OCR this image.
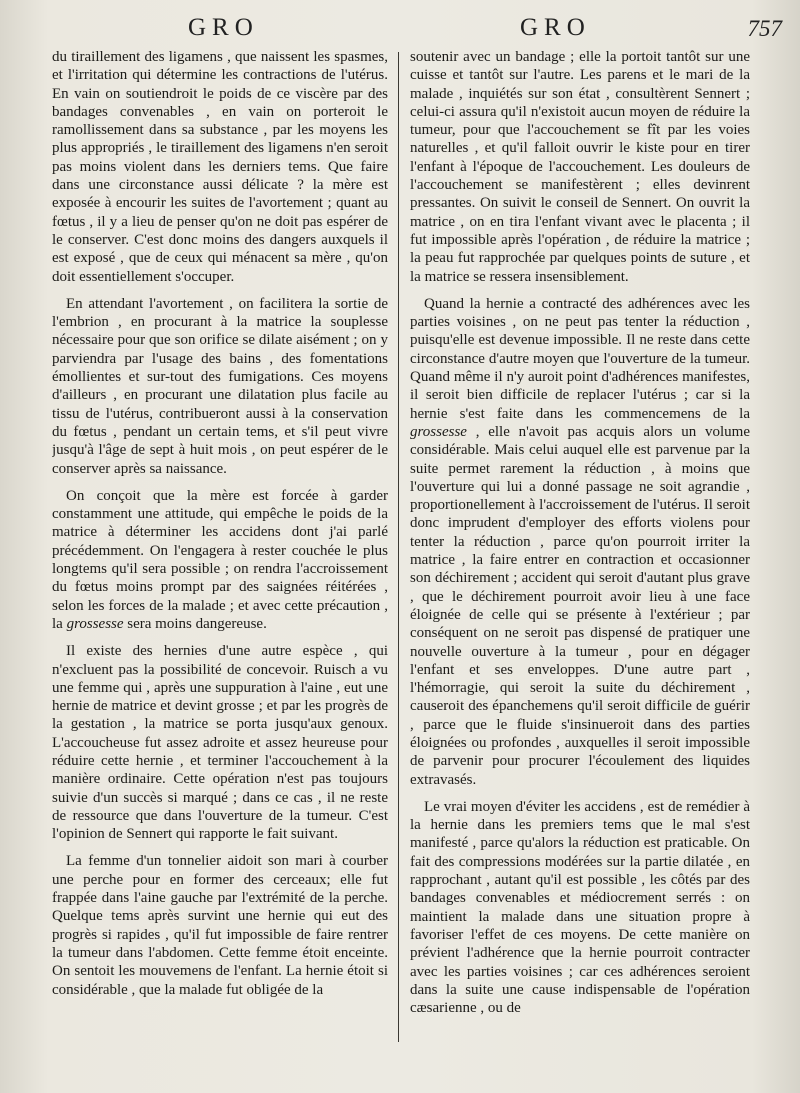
GRO	GRO	757

du tiraillement des ligamens , que naissent les spasmes, et l'irritation qui détermine les contractions de l'utérus. En vain on soutiendroit le poids de ce viscère par des bandages convenables , en vain on porteroit le ramollissement dans sa substance , par les moyens les plus appropriés , le tiraillement des ligamens n'en seroit pas moins violent dans les derniers tems. Que faire dans une circonstance aussi délicate ? la mère est exposée à encourir les suites de l'avortement ; quant au fœtus , il y a lieu de penser qu'on ne doit pas espérer de le conserver. C'est donc moins des dangers auxquels il est exposé , que de ceux qui ménacent sa mère , qu'on doit essentiellement s'occuper.

En attendant l'avortement , on facilitera la sortie de l'embrion , en procurant à la matrice la souplesse nécessaire pour que son orifice se dilate aisément ; on y parviendra par l'usage des bains , des fomentations émollientes et sur-tout des fumigations. Ces moyens d'ailleurs , en procurant une dilatation plus facile au tissu de l'utérus, contribueront aussi à la conservation du fœtus , pendant un certain tems, et s'il peut vivre jusqu'à l'âge de sept à huit mois , on peut espérer de le conserver après sa naissance.

On conçoit que la mère est forcée à garder constamment une attitude, qui empêche le poids de la matrice à déterminer les accidens dont j'ai parlé précédemment. On l'engagera à rester couchée le plus longtems qu'il sera possible ; on rendra l'accroissement du fœtus moins prompt par des saignées réitérées , selon les forces de la malade ; et avec cette précaution , la grossesse sera moins dangereuse.

Il existe des hernies d'une autre espèce , qui n'excluent pas la possibilité de concevoir. Ruisch a vu une femme qui , après une suppuration à l'aine , eut une hernie de matrice et devint grosse ; et par les progrès de la gestation , la matrice se porta jusqu'aux genoux. L'accoucheuse fut assez adroite et assez heureuse pour réduire cette hernie , et terminer l'accouchement à la manière ordinaire. Cette opération n'est pas toujours suivie d'un succès si marqué ; dans ce cas , il ne reste de ressource que dans l'ouverture de la tumeur. C'est l'opinion de Sennert qui rapporte le fait suivant.

La femme d'un tonnelier aidoit son mari à courber une perche pour en former des cerceaux; elle fut frappée dans l'aine gauche par l'extrémité de la perche. Quelque tems après survint une hernie qui eut des progrès si rapides , qu'il fut impossible de faire rentrer la tumeur dans l'abdomen. Cette femme étoit enceinte. On sentoit les mouvemens de l'enfant. La hernie étoit si considérable , que la malade fut obligée de la

soutenir avec un bandage ; elle la portoit tantôt sur une cuisse et tantôt sur l'autre. Les parens et le mari de la malade , inquiétés sur son état , consultèrent Sennert ; celui-ci assura qu'il n'existoit aucun moyen de réduire la tumeur, pour que l'accouchement se fît par les voies naturelles , et qu'il falloit ouvrir le kiste pour en tirer l'enfant à l'époque de l'accouchement. Les douleurs de l'accouchement se manifestèrent ; elles devinrent pressantes. On suivit le conseil de Sennert. On ouvrit la matrice , on en tira l'enfant vivant avec le placenta ; il fut impossible après l'opération , de réduire la matrice ; la peau fut rapprochée par quelques points de suture , et la matrice se ressera insensiblement.

Quand la hernie a contracté des adhérences avec les parties voisines , on ne peut pas tenter la réduction , puisqu'elle est devenue impossible. Il ne reste dans cette circonstance d'autre moyen que l'ouverture de la tumeur. Quand même il n'y auroit point d'adhérences manifestes, il seroit bien difficile de replacer l'utérus ; car si la hernie s'est faite dans les commencemens de la grossesse , elle n'avoit pas acquis alors un volume considérable. Mais celui auquel elle est parvenue par la suite permet rarement la réduction , à moins que l'ouverture qui lui a donné passage ne soit agrandie , proportionellement à l'accroissement de l'utérus. Il seroit donc imprudent d'employer des efforts violens pour tenter la réduction , parce qu'on pourroit irriter la matrice , la faire entrer en contraction et occasionner son déchirement ; accident qui seroit d'autant plus grave , que le déchirement pourroit avoir lieu à une face éloignée de celle qui se présente à l'extérieur ; par conséquent on ne seroit pas dispensé de pratiquer une nouvelle ouverture à la tumeur , pour en dégager l'enfant et ses enveloppes. D'une autre part , l'hémorragie, qui seroit la suite du déchirement , causeroit des épanchemens qu'il seroit difficile de guérir , parce que le fluide s'insinueroit dans des parties éloignées ou profondes , auxquelles il seroit impossible de parvenir pour procurer l'écoulement des liquides extravasés.

Le vrai moyen d'éviter les accidens , est de remédier à la hernie dans les premiers tems que le mal s'est manifesté , parce qu'alors la réduction est praticable. On fait des compressions modérées sur la partie dilatée , en rapprochant , autant qu'il est possible , les côtés par des bandages convenables et médiocrement serrés : on maintient la malade dans une situation propre à favoriser l'effet de ces moyens. De cette manière on prévient l'adhérence que la hernie pourroit contracter avec les parties voisines ; car ces adhérences seroient dans la suite une cause indispensable de l'opération cæsarienne , ou de
